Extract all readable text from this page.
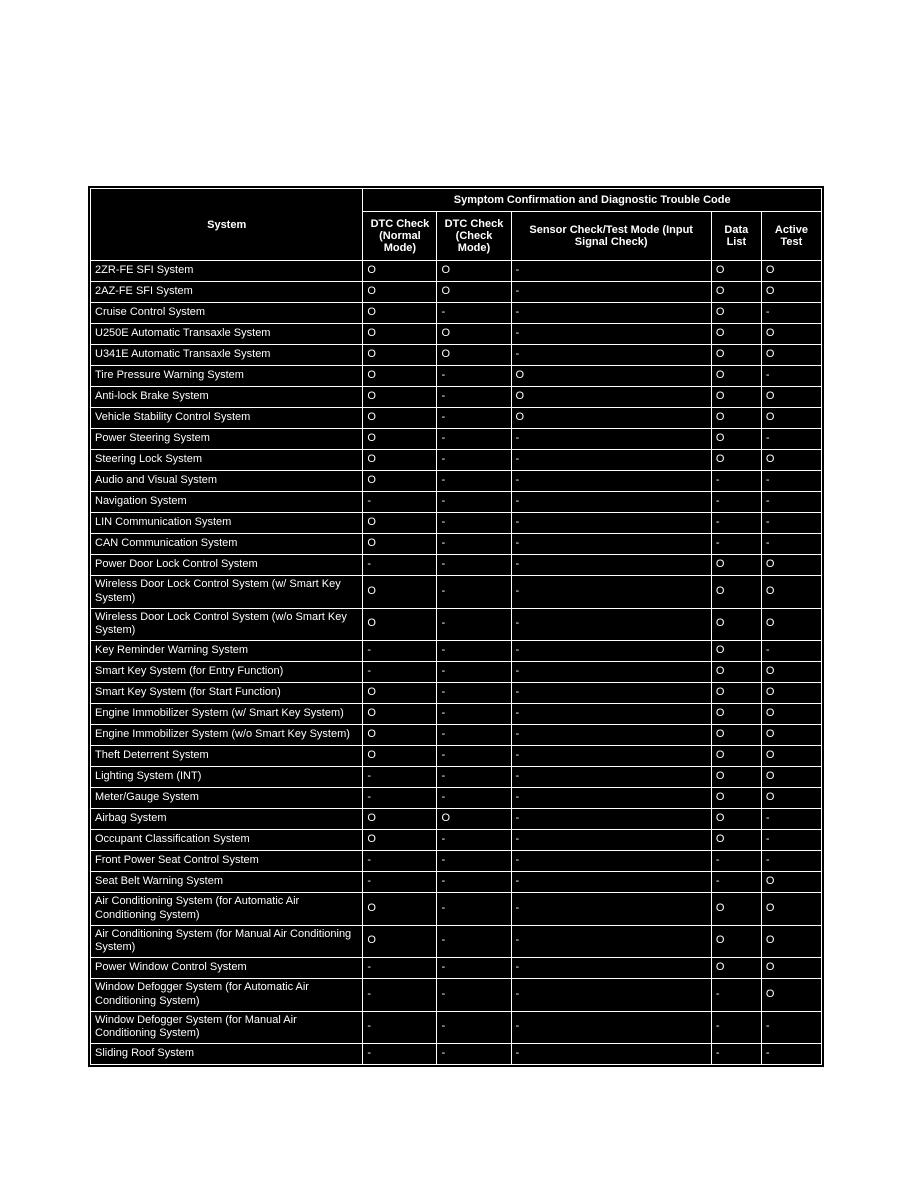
System	Symptom Confirmation and Diagnostic Trouble Code				
	DTC Check (Normal Mode)	DTC Check (Check Mode)	Sensor Check/Test Mode (Input Signal Check)	Data List	Active Test
2ZR-FE SFI System	O	O	-	O	O
2AZ-FE SFI System	O	O	-	O	O
Cruise Control System	O	-	-	O	-
U250E Automatic Transaxle System	O	O	-	O	O
U341E Automatic Transaxle System	O	O	-	O	O
Tire Pressure Warning System	O	-	O	O	-
Anti-lock Brake System	O	-	O	O	O
Vehicle Stability Control System	O	-	O	O	O
Power Steering System	O	-	-	O	-
Steering Lock System	O	-	-	O	O
Audio and Visual System	O	-	-	-	-
Navigation System	-	-	-	-	-
LIN Communication System	O	-	-	-	-
CAN Communication System	O	-	-	-	-
Power Door Lock Control System	-	-	-	O	O
Wireless Door Lock Control System (w/ Smart Key System)	O	-	-	O	O
Wireless Door Lock Control System (w/o Smart Key System)	O	-	-	O	O
Key Reminder Warning System	-	-	-	O	-
Smart Key System (for Entry Function)	-	-	-	O	O
Smart Key System (for Start Function)	O	-	-	O	O
Engine Immobilizer System (w/ Smart Key System)	O	-	-	O	O
Engine Immobilizer System (w/o Smart Key System)	O	-	-	O	O
Theft Deterrent System	O	-	-	O	O
Lighting System (INT)	-	-	-	O	O
Meter/Gauge System	-	-	-	O	O
Airbag System	O	O	-	O	-
Occupant Classification System	O	-	-	O	-
Front Power Seat Control System	-	-	-	-	-
Seat Belt Warning System	-	-	-	-	O
Air Conditioning System (for Automatic Air Conditioning System)	O	-	-	O	O
Air Conditioning System (for Manual Air Conditioning System)	O	-	-	O	O
Power Window Control System	-	-	-	O	O
Window Defogger System (for Automatic Air Conditioning System)	-	-	-	-	O
Window Defogger System (for Manual Air Conditioning System)	-	-	-	-	-
Sliding Roof System	-	-	-	-	-
